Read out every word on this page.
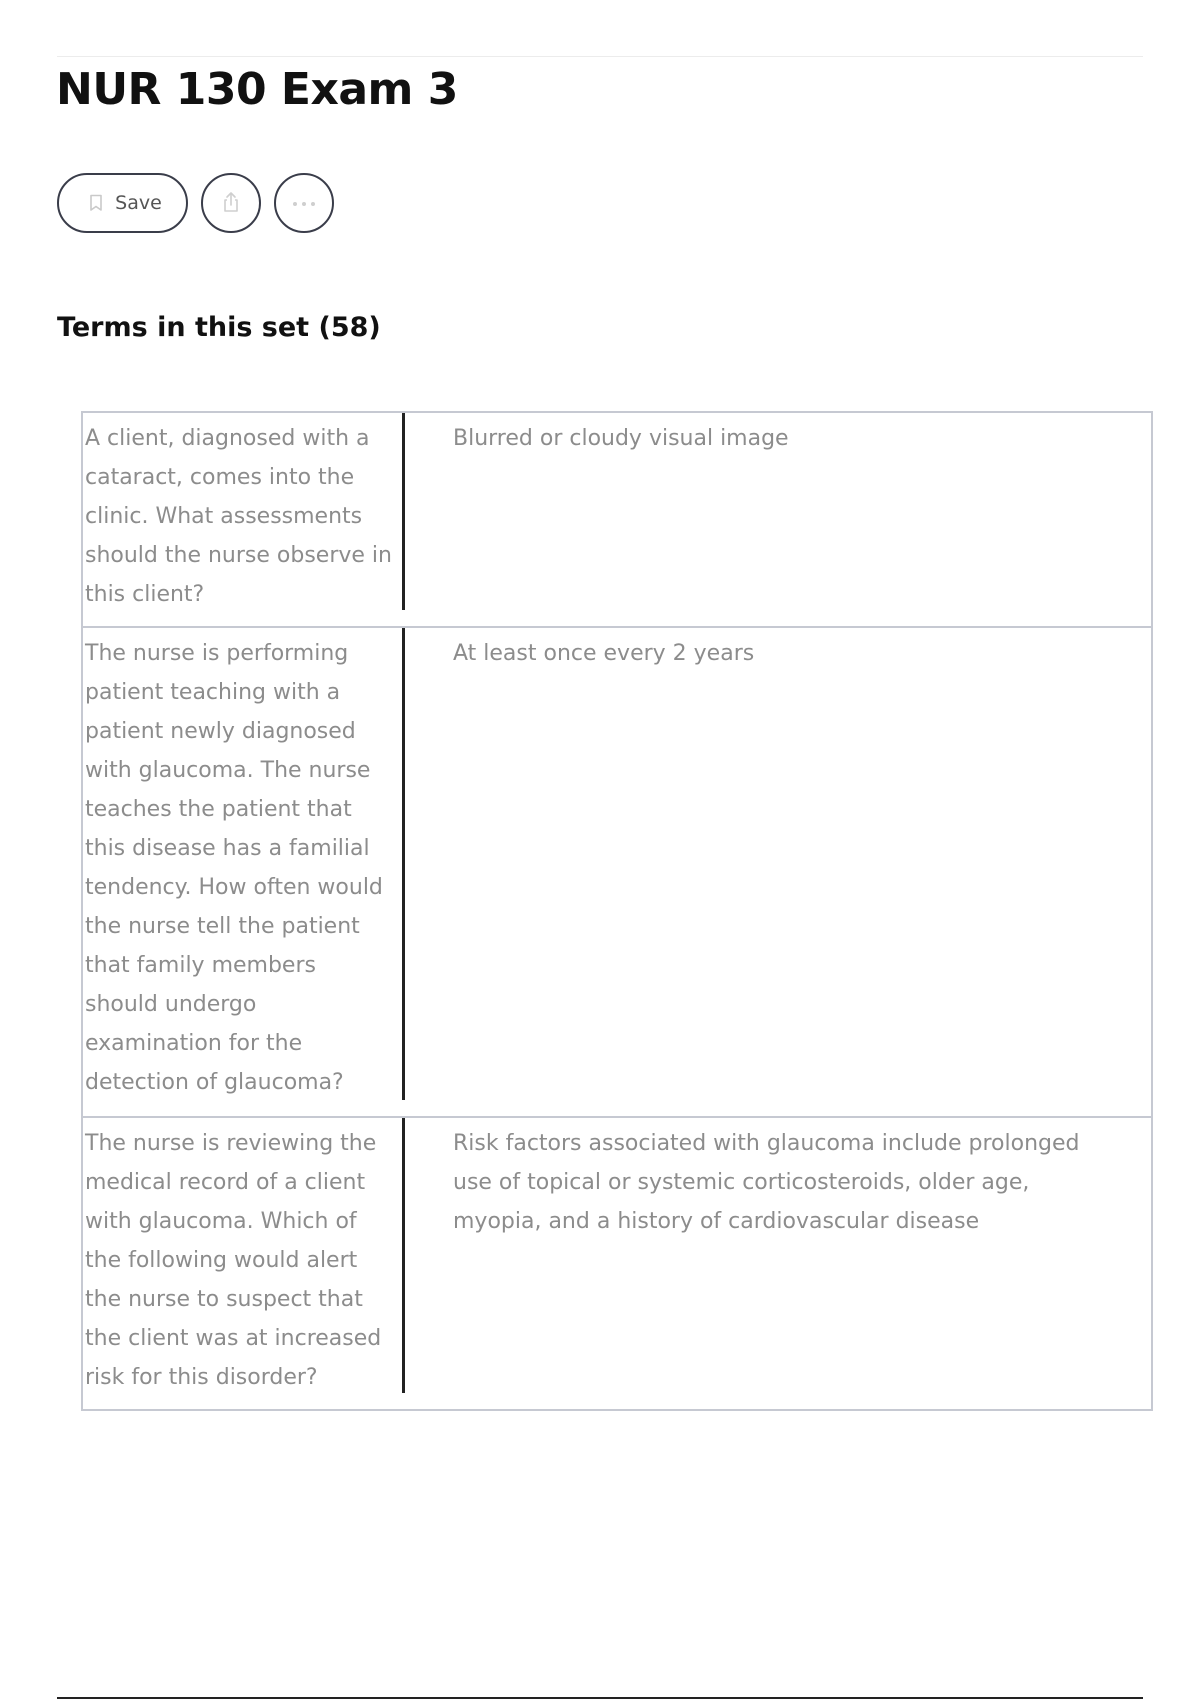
NUR 130 Exam 3
Save
Terms in this set (58)
A client, diagnosed with a cataract, comes into the clinic. What assessments should the nurse observe in this client?
Blurred or cloudy visual image
The nurse is performing patient teaching with a patient newly diagnosed with glaucoma. The nurse teaches the patient that this disease has a familial tendency. How often would the nurse tell the patient that family members should undergo examination for the detection of glaucoma?
At least once every 2 years
The nurse is reviewing the medical record of a client with glaucoma. Which of the following would alert the nurse to suspect that the client was at increased risk for this disorder?
Risk factors associated with glaucoma include prolonged use of topical or systemic corticosteroids, older age, myopia, and a history of cardiovascular disease
